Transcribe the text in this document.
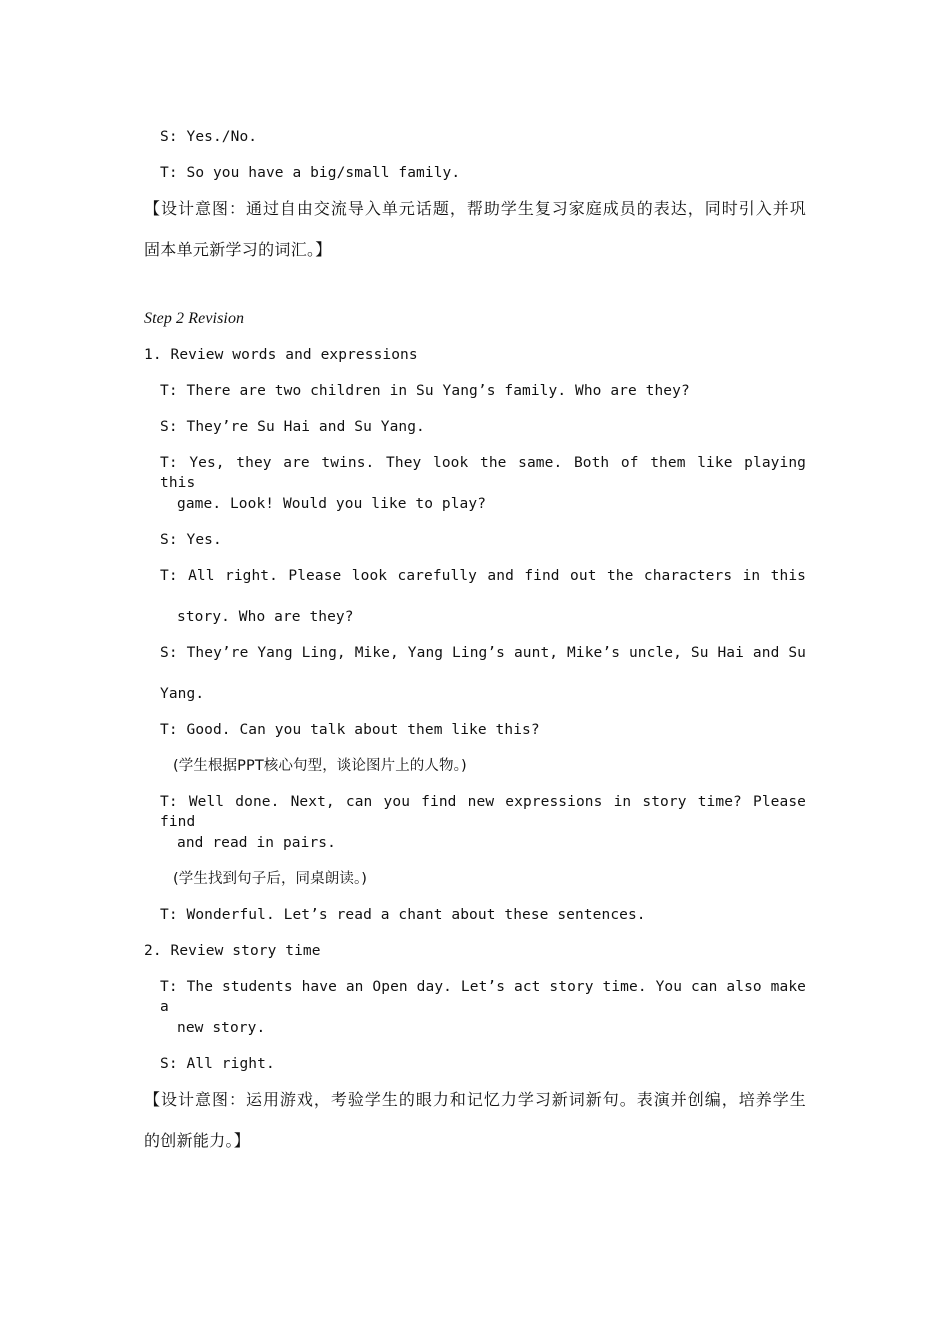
S: Yes./No.
T: So you have a big/small family.
【设计意图：通过自由交流导入单元话题，帮助学生复习家庭成员的表达，同时引入并巩
固本单元新学习的词汇。】
Step 2 Revision
1. Review words and expressions
T: There are two children in Su Yang’s family. Who are they?
S: They’re Su Hai and Su Yang.
T: Yes, they are twins. They look the same. Both of them like playing this
game. Look! Would you like to play?
S: Yes.
T: All right. Please look carefully and find out the characters in this
story. Who are they?
S: They’re Yang Ling, Mike, Yang Ling’s aunt, Mike’s uncle, Su Hai and Su
Yang.
T: Good. Can you talk about them like this?
(学生根据PPT核心句型，谈论图片上的人物。)
T: Well done. Next, can you find new expressions in story time? Please find
and read in pairs.
(学生找到句子后，同桌朗读。)
T: Wonderful. Let’s read a chant about these sentences.
2. Review story time
T: The students have an Open day. Let’s act story time. You can also make a
new story.
S: All right.
【设计意图：运用游戏，考验学生的眼力和记忆力学习新词新句。表演并创编，培养学生
的创新能力。】
